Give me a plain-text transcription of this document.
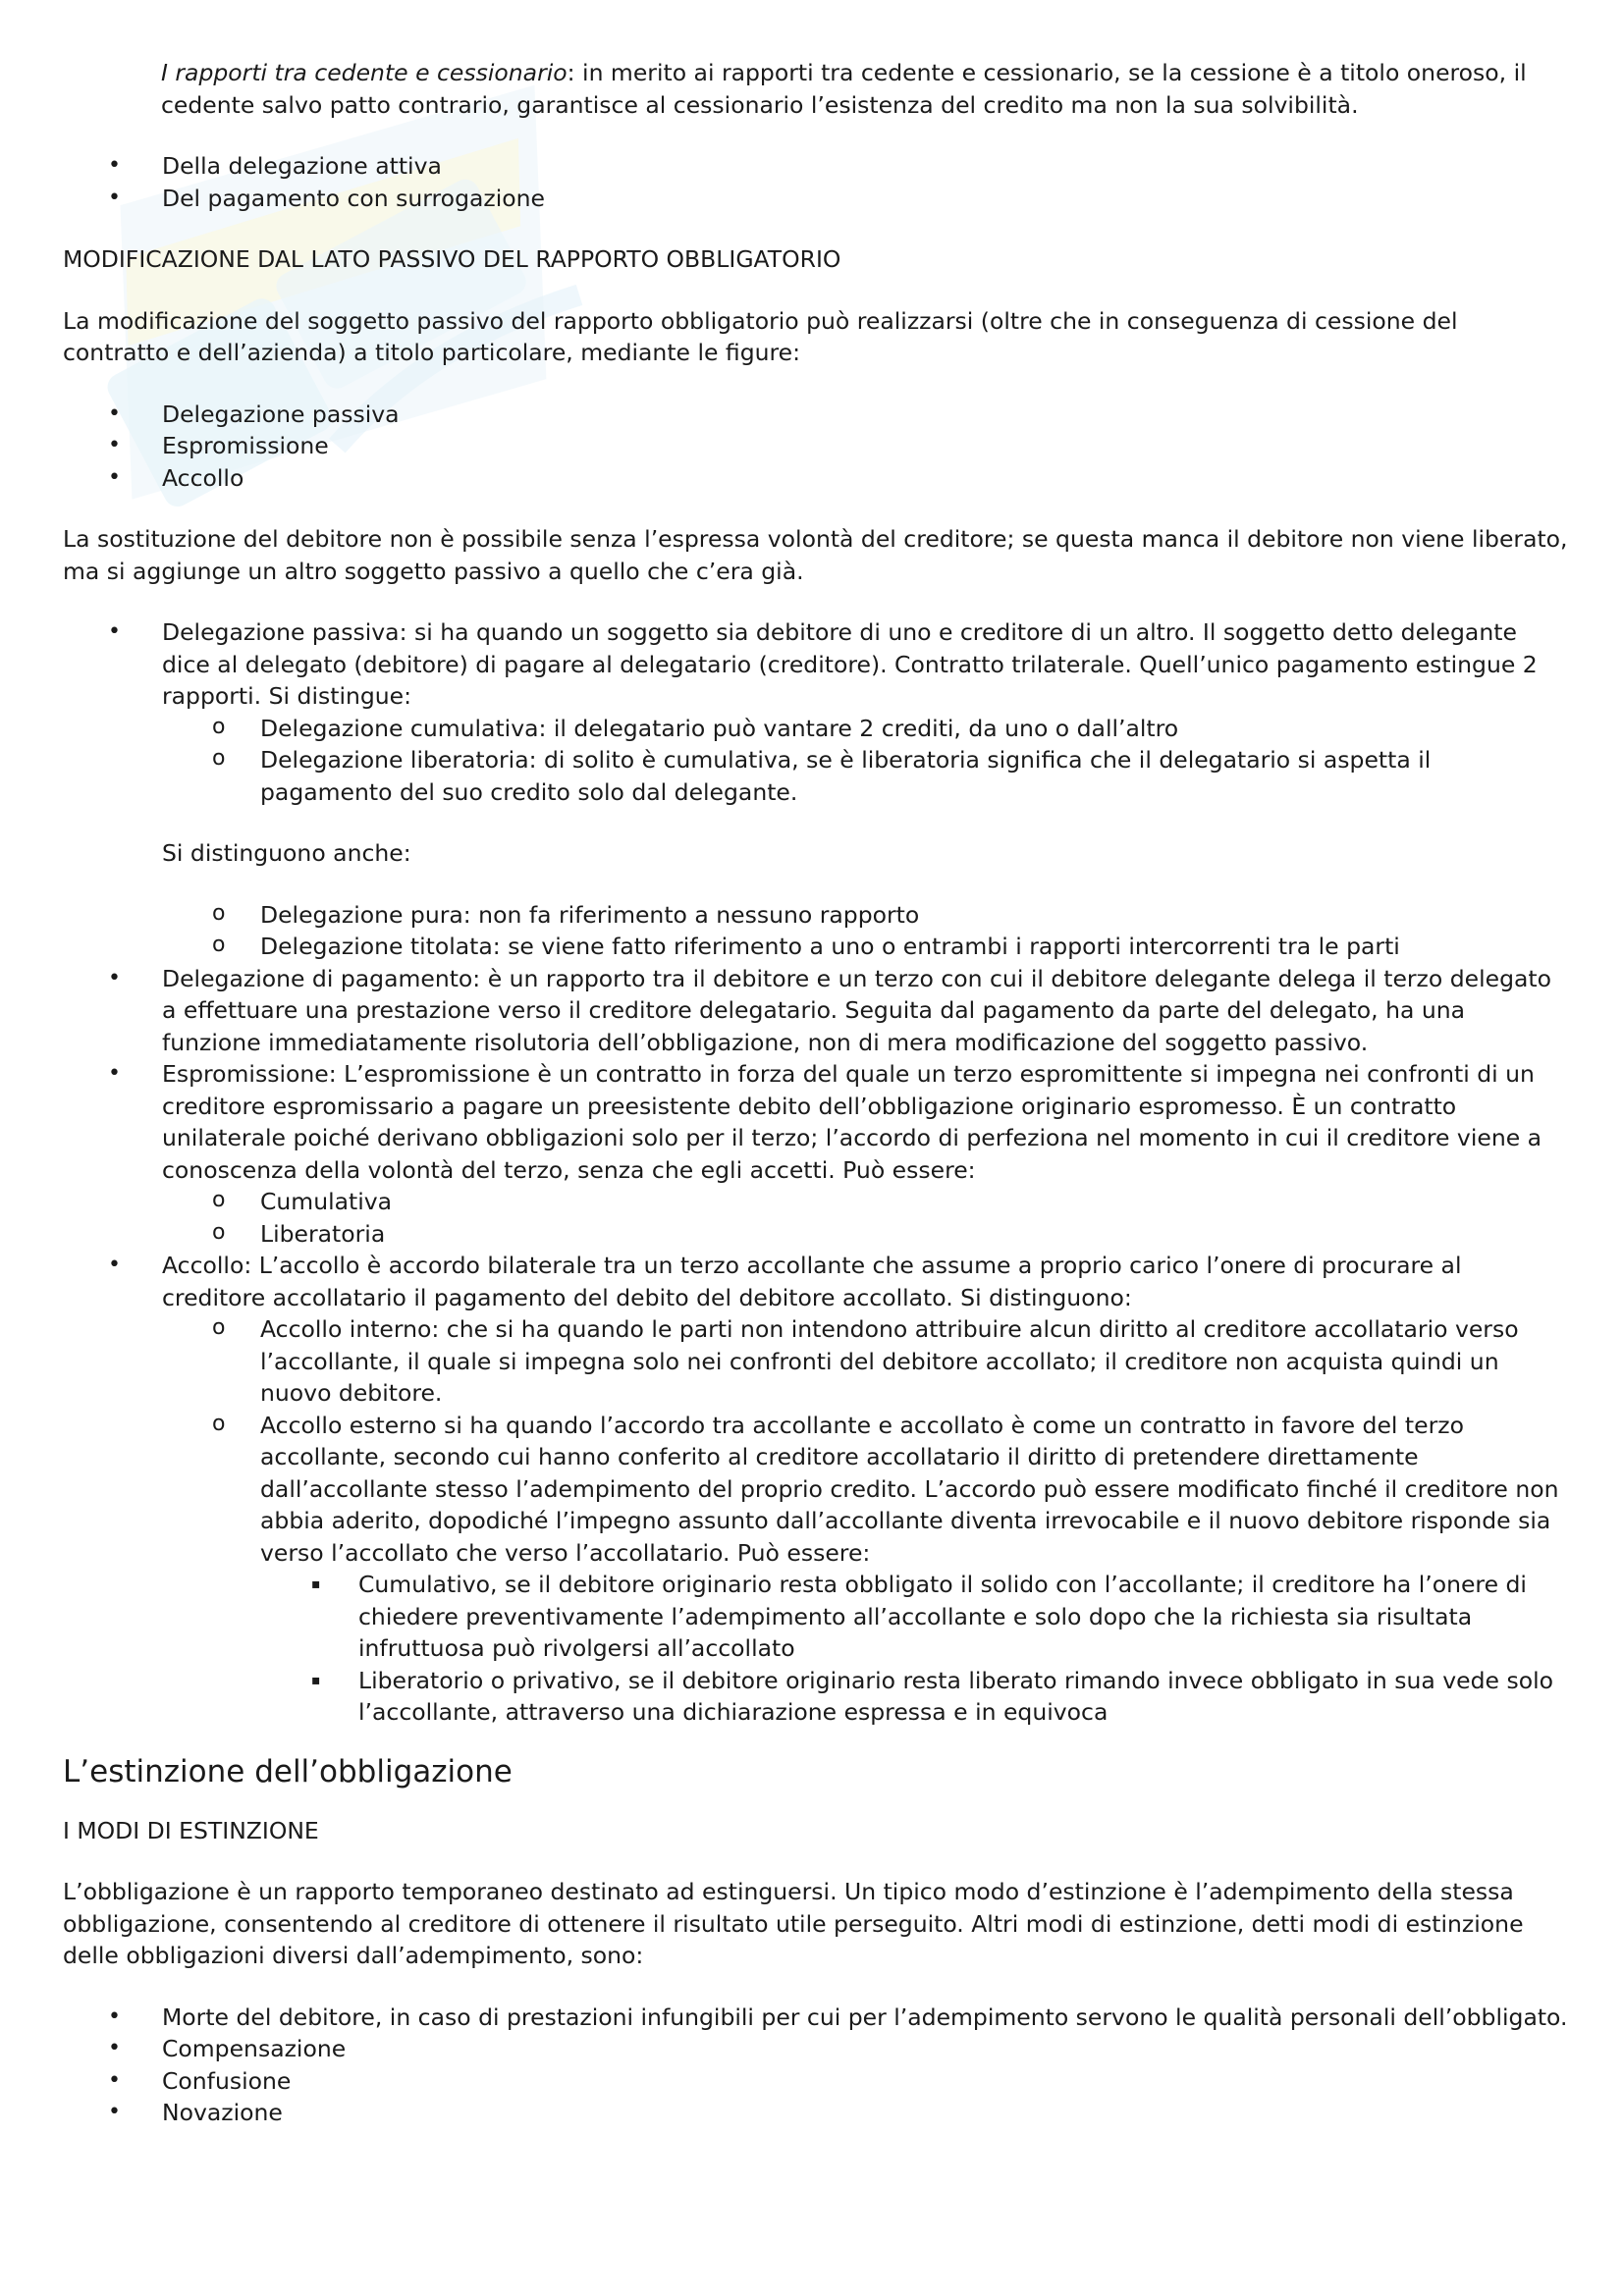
I rapporti tra cedente e cessionario: in merito ai rapporti tra cedente e cessionario, se la cessione è a titolo oneroso, il cedente salvo patto contrario, garantisce al cessionario l’esistenza del credito ma non la sua solvibilità.

• Della delegazione attiva
• Del pagamento con surrogazione

MODIFICAZIONE DAL LATO PASSIVO DEL RAPPORTO OBBLIGATORIO

La modificazione del soggetto passivo del rapporto obbligatorio può realizzarsi (oltre che in conseguenza di cessione del contratto e dell’azienda) a titolo particolare, mediante le figure:

• Delegazione passiva
• Espromissione
• Accollo

La sostituzione del debitore non è possibile senza l’espressa volontà del creditore; se questa manca il debitore non viene liberato, ma si aggiunge un altro soggetto passivo a quello che c’era già.

• Delegazione passiva: si ha quando un soggetto sia debitore di uno e creditore di un altro. Il soggetto detto delegante dice al delegato (debitore) di pagare al delegatario (creditore). Contratto trilaterale. Quell’unico pagamento estingue 2 rapporti. Si distingue:
o Delegazione cumulativa: il delegatario può vantare 2 crediti, da uno o dall’altro
o Delegazione liberatoria: di solito è cumulativa, se è liberatoria significa che il delegatario si aspetta il pagamento del suo credito solo dal delegante.

Si distinguono anche:

o Delegazione pura: non fa riferimento a nessuno rapporto
o Delegazione titolata: se viene fatto riferimento a uno o entrambi i rapporti intercorrenti tra le parti
• Delegazione di pagamento: è un rapporto tra il debitore e un terzo con cui il debitore delegante delega il terzo delegato a effettuare una prestazione verso il creditore delegatario. Seguita dal pagamento da parte del delegato, ha una funzione immediatamente risolutoria dell’obbligazione, non di mera modificazione del soggetto passivo.
• Espromissione: L’espromissione è un contratto in forza del quale un terzo espromittente si impegna nei confronti di un creditore espromissario a pagare un preesistente debito dell’obbligazione originario espromesso. È un contratto unilaterale poiché derivano obbligazioni solo per il terzo; l’accordo di perfeziona nel momento in cui il creditore viene a conoscenza della volontà del terzo, senza che egli accetti. Può essere:
o Cumulativa
o Liberatoria
• Accollo: L’accollo è accordo bilaterale tra un terzo accollante che assume a proprio carico l’onere di procurare al creditore accollatario il pagamento del debito del debitore accollato. Si distinguono:
o Accollo interno: che si ha quando le parti non intendono attribuire alcun diritto al creditore accollatario verso l’accollante, il quale si impegna solo nei confronti del debitore accollato; il creditore non acquista quindi un nuovo debitore.
o Accollo esterno si ha quando l’accordo tra accollante e accollato è come un contratto in favore del terzo accollante, secondo cui hanno conferito al creditore accollatario il diritto di pretendere direttamente dall’accollante stesso l’adempimento del proprio credito. L’accordo può essere modificato finché il creditore non abbia aderito, dopodiché l’impegno assunto dall’accollante diventa irrevocabile e il nuovo debitore risponde sia verso l’accollato che verso l’accollatario. Può essere:
▪ Cumulativo, se il debitore originario resta obbligato il solido con l’accollante; il creditore ha l’onere di chiedere preventivamente l’adempimento all’accollante e solo dopo che la richiesta sia risultata infruttuosa può rivolgersi all’accollato
▪ Liberatorio o privativo, se il debitore originario resta liberato rimando invece obbligato in sua vede solo l’accollante, attraverso una dichiarazione espressa e in equivoca
L’estinzione dell’obbligazione

I MODI DI ESTINZIONE

L’obbligazione è un rapporto temporaneo destinato ad estinguersi. Un tipico modo d’estinzione è l’adempimento della stessa obbligazione, consentendo al creditore di ottenere il risultato utile perseguito. Altri modi di estinzione, detti modi di estinzione delle obbligazioni diversi dall’adempimento, sono:

• Morte del debitore, in caso di prestazioni infungibili per cui per l’adempimento servono le qualità personali dell’obbligato.
• Compensazione
• Confusione
• Novazione
